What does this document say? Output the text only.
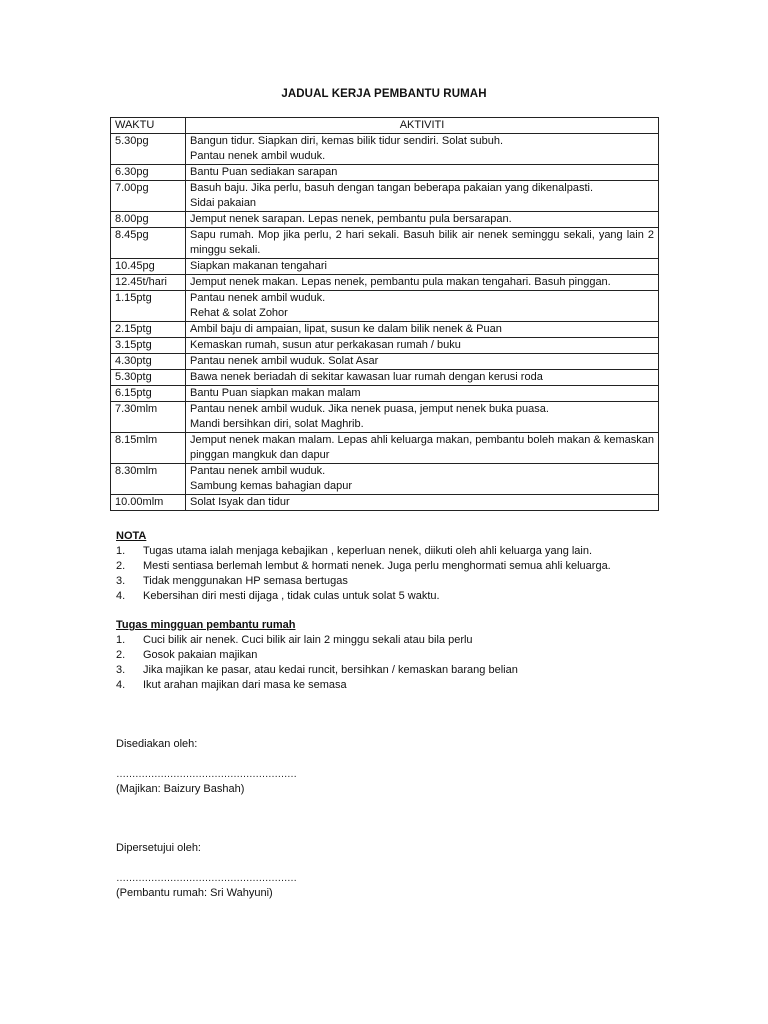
JADUAL KERJA PEMBANTU RUMAH
WAKTU	AKTIVITI
5.30pg	Bangun tidur. Siapkan diri, kemas bilik tidur sendiri. Solat subuh.
Pantau nenek ambil wuduk.

6.30pg	Bantu Puan sediakan sarapan

7.00pg	Basuh baju. Jika perlu, basuh dengan tangan beberapa pakaian yang dikenalpasti.
Sidai pakaian

8.00pg	Jemput nenek sarapan. Lepas nenek, pembantu pula bersarapan.

8.45pg	Sapu rumah. Mop jika perlu, 2 hari sekali. Basuh bilik air nenek seminggu sekali, yang lain 2 minggu sekali.

10.45pg	Siapkan makanan tengahari

12.45t/hari	Jemput nenek makan. Lepas nenek, pembantu pula makan tengahari. Basuh pinggan.

1.15ptg	Pantau nenek ambil wuduk.
Rehat & solat Zohor

2.15ptg	Ambil baju di ampaian, lipat, susun ke dalam bilik nenek & Puan

3.15ptg	Kemaskan rumah, susun atur perkakasan rumah / buku

4.30ptg	Pantau nenek ambil wuduk. Solat Asar

5.30ptg	Bawa nenek beriadah di sekitar kawasan luar rumah dengan kerusi roda

6.15ptg	Bantu Puan siapkan makan malam

7.30mlm	Pantau nenek ambil wuduk. Jika nenek puasa, jemput nenek buka puasa.
Mandi bersihkan diri, solat Maghrib.

8.15mlm	Jemput nenek makan malam. Lepas ahli keluarga makan, pembantu boleh makan & kemaskan pinggan mangkuk dan dapur

8.30mlm	Pantau nenek ambil wuduk.
Sambung kemas bahagian dapur

10.00mlm	Solat Isyak dan tidur
NOTA
1.	Tugas utama ialah menjaga kebajikan , keperluan nenek, diikuti oleh ahli keluarga yang lain.
2.	Mesti sentiasa berlemah lembut & hormati nenek. Juga perlu menghormati semua ahli keluarga.
3.	Tidak menggunakan HP semasa bertugas
4.	Kebersihan diri mesti dijaga , tidak culas untuk solat 5 waktu.
Tugas mingguan pembantu rumah
1.	Cuci bilik air nenek. Cuci bilik air lain 2 minggu sekali atau bila perlu
2.	Gosok pakaian majikan
3.	Jika majikan ke pasar, atau kedai runcit, bersihkan / kemaskan barang belian
4.	Ikut arahan majikan dari masa ke semasa
Disediakan oleh:
…………………………………………………
(Majikan: Baizury Bashah)
Dipersetujui oleh:
…………………………………………………
(Pembantu rumah: Sri Wahyuni)
